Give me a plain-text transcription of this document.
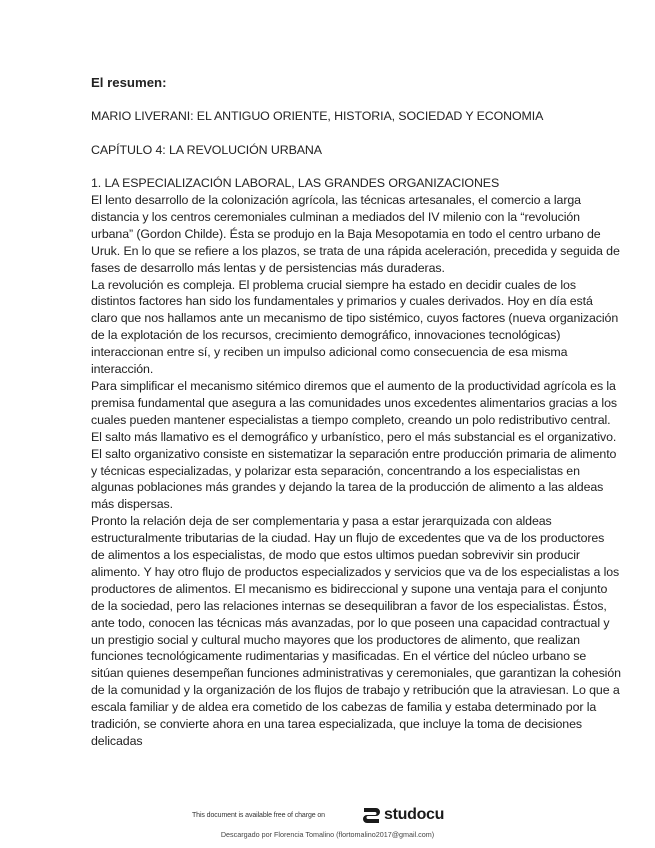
El resumen:

MARIO LIVERANI: EL ANTIGUO ORIENTE, HISTORIA, SOCIEDAD Y ECONOMIA

CAPÍTULO 4: LA REVOLUCIÓN URBANA

1. LA ESPECIALIZACIÓN LABORAL, LAS GRANDES ORGANIZACIONES

El lento desarrollo de la colonización agrícola, las técnicas artesanales, el comercio a larga distancia y los centros ceremoniales culminan a mediados del IV milenio con la “revolución urbana” (Gordon Childe). Ésta se produjo en la Baja Mesopotamia en todo el centro urbano de Uruk. En lo que se refiere a los plazos, se trata de una rápida aceleración, precedida y seguida de fases de desarrollo más lentas y de persistencias más duraderas.

La revolución es compleja. El problema crucial siempre ha estado en decidir cuales de los distintos factores han sido los fundamentales y primarios y cuales derivados. Hoy en día está claro que nos hallamos ante un mecanismo de tipo sistémico, cuyos factores (nueva organización de la explotación de los recursos, crecimiento demográfico, innovaciones tecnológicas) interaccionan entre sí, y reciben un impulso adicional como consecuencia de esa misma interacción.

Para simplificar el mecanismo sitémico diremos que el aumento de la productividad agrícola es la premisa fundamental que asegura a las comunidades unos excedentes alimentarios gracias a los cuales pueden mantener especialistas a tiempo completo, creando un polo redistributivo central. El salto más llamativo es el demográfico y urbanístico, pero el más substancial es el organizativo.

El salto organizativo consiste en sistematizar la separación entre producción primaria de alimento y técnicas especializadas, y polarizar esta separación, concentrando a los especialistas en algunas poblaciones más grandes y dejando la tarea de la producción de alimento a las aldeas más dispersas.

Pronto la relación deja de ser complementaria y pasa a estar jerarquizada con aldeas estructuralmente tributarias de la ciudad. Hay un flujo de excedentes que va de los productores de alimentos a los especialistas, de modo que estos ultimos puedan sobrevivir sin producir alimento. Y hay otro flujo de productos especializados y servicios que va de los especialistas a los productores de alimentos. El mecanismo es bidireccional y supone una ventaja para el conjunto de la sociedad, pero las relaciones internas se desequilibran a favor de los especialistas. Éstos, ante todo, conocen las técnicas más avanzadas, por lo que poseen una capacidad contractual y un prestigio social y cultural mucho mayores que los productores de alimento, que realizan funciones tecnológicamente rudimentarias y masificadas. En el vértice del núcleo urbano se sitúan quienes desempeñan funciones administrativas y ceremoniales, que garantizan la cohesión de la comunidad y la organización de los flujos de trabajo y retribución que la atraviesan. Lo que a escala familiar y de aldea era cometido de los cabezas de familia y estaba determinado por la tradición, se convierte ahora en una tarea especializada, que incluye la toma de decisiones delicadas

This document is available free of charge on	studocu
Descargado por Florencia Tomalino (flortomalino2017@gmail.com)
